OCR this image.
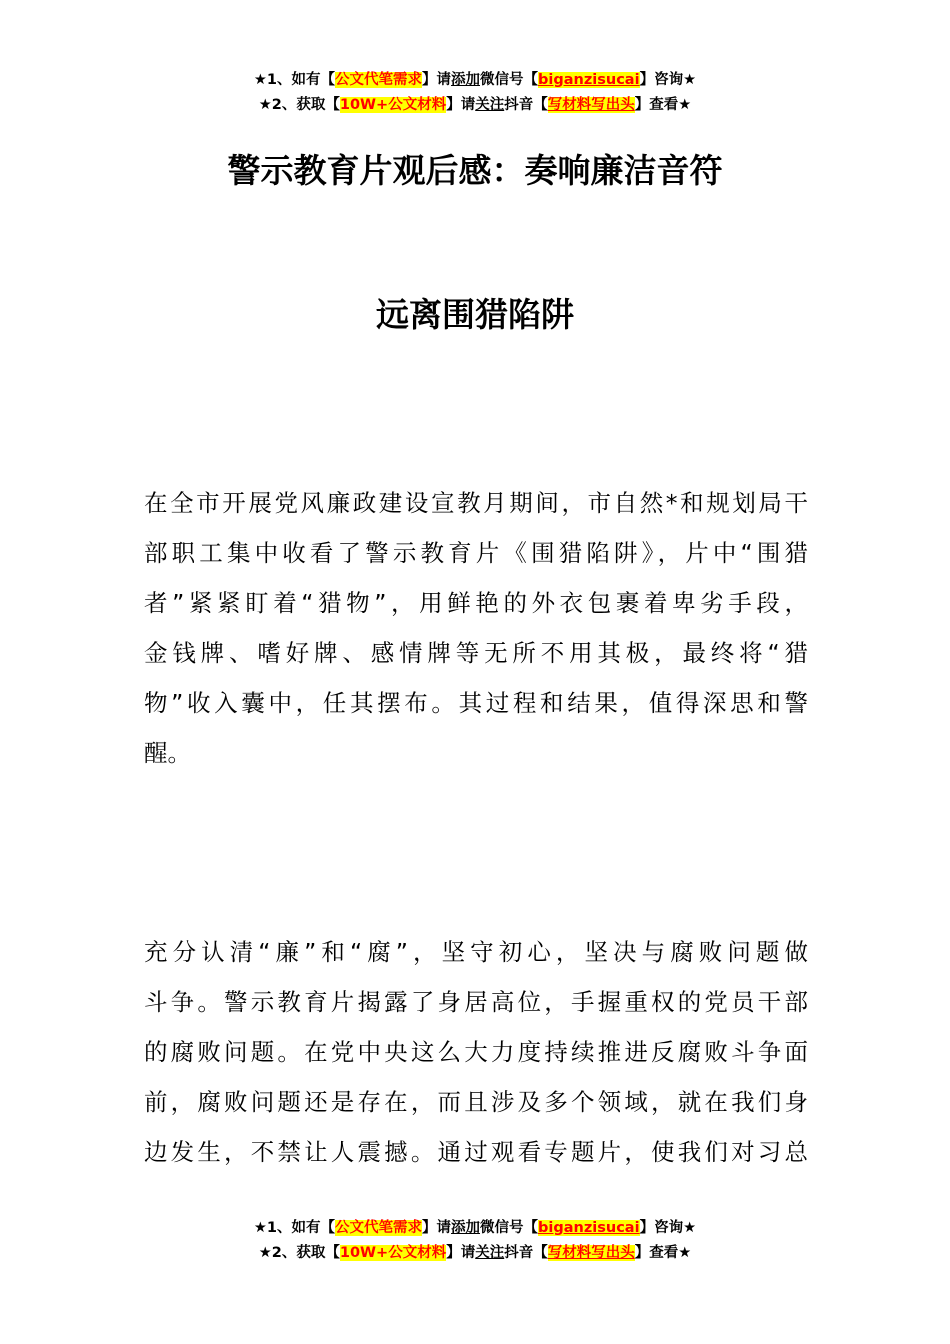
★1、如有【公文代笔需求】请添加微信号【biganzisucai】咨询★
★2、获取【10W+公文材料】请关注抖音【写材料写出头】查看★
警示教育片观后感：奏响廉洁音符
远离围猎陷阱
在全市开展党风廉政建设宣教月期间，市自然*和规划局干
部职工集中收看了警示教育片《围猎陷阱》，片中“围猎
者”紧紧盯着“猎物”，用鲜艳的外衣包裹着卑劣手段，
金钱牌、嗜好牌、感情牌等无所不用其极，最终将“猎
物”收入囊中，任其摆布。其过程和结果，值得深思和警
醒。
充分认清“廉”和“腐”，坚守初心，坚决与腐败问题做
斗争。警示教育片揭露了身居高位，手握重权的党员干部
的腐败问题。在党中央这么大力度持续推进反腐败斗争面
前，腐败问题还是存在，而且涉及多个领域，就在我们身
边发生，不禁让人震撼。通过观看专题片，使我们对习总
★1、如有【公文代笔需求】请添加微信号【biganzisucai】咨询★
★2、获取【10W+公文材料】请关注抖音【写材料写出头】查看★
